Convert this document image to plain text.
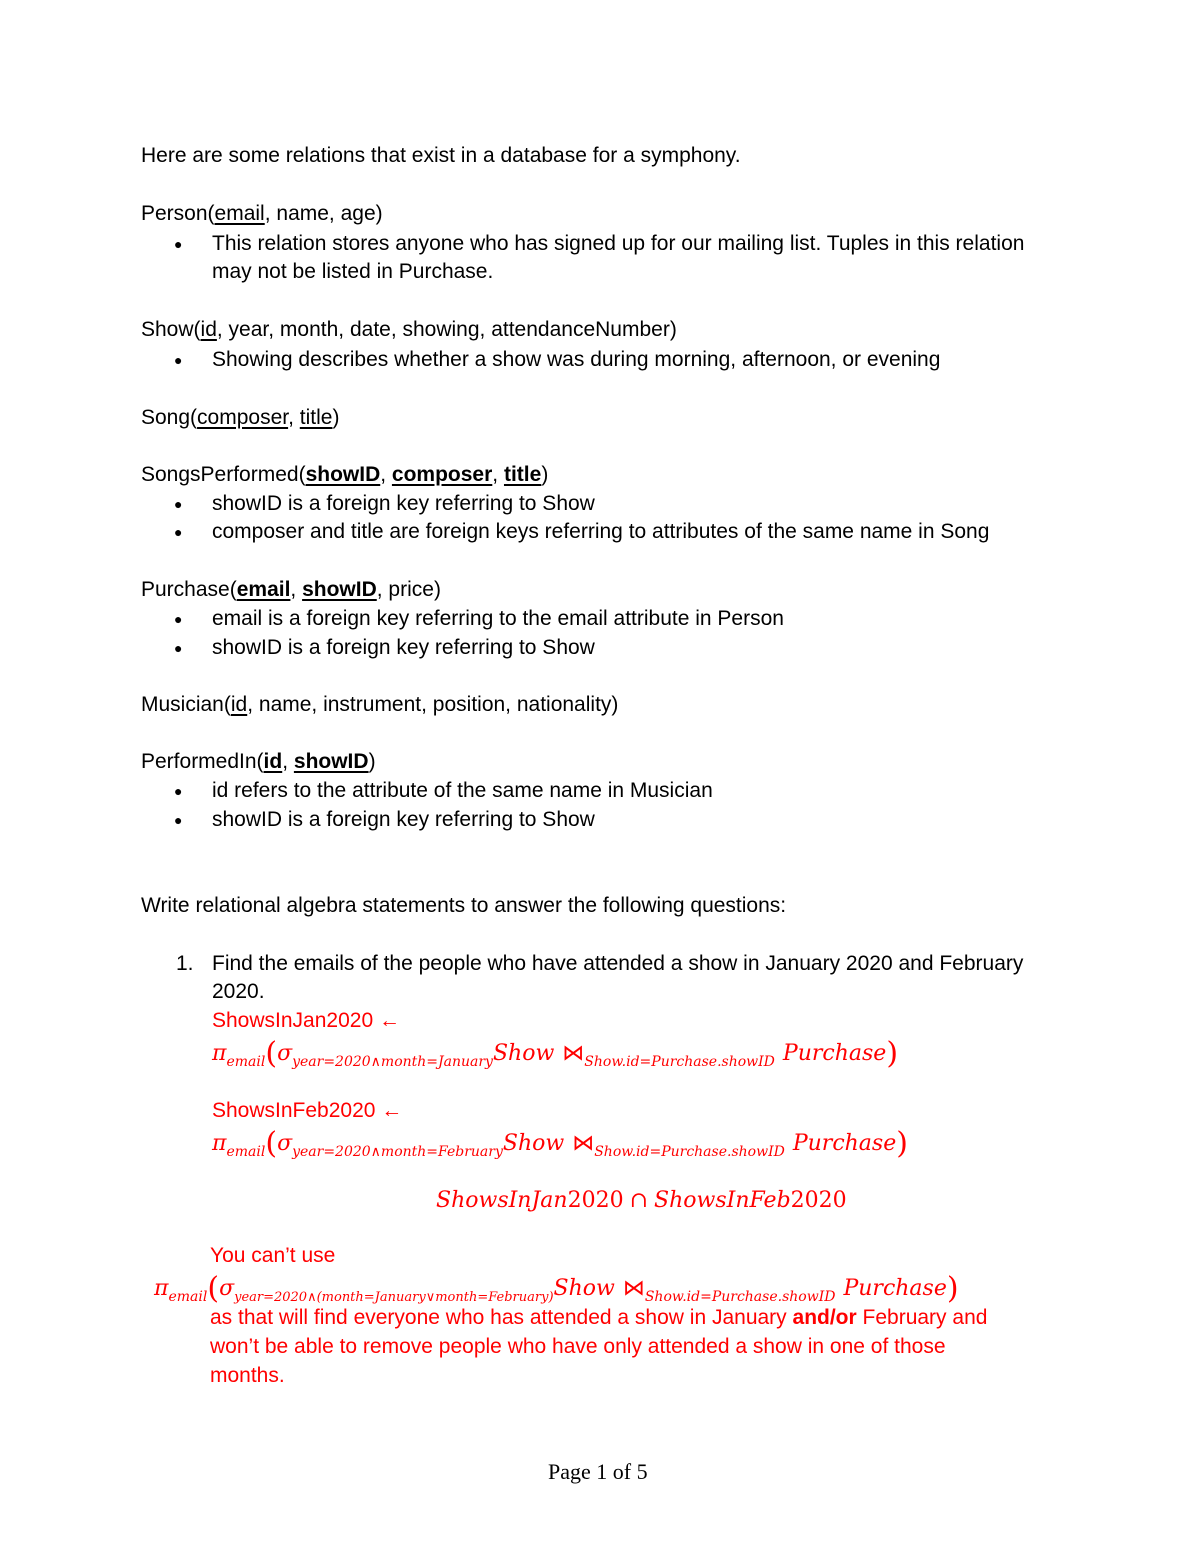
Here are some relations that exist in a database for a symphony.
Person(email, name, age)
● This relation stores anyone who has signed up for our mailing list. Tuples in this relation
may not be listed in Purchase.
Show(id, year, month, date, showing, attendanceNumber)
● Showing describes whether a show was during morning, afternoon, or evening
Song(composer, title)
SongsPerformed(showID, composer, title)
● showID is a foreign key referring to Show
● composer and title are foreign keys referring to attributes of the same name in Song
Purchase(email, showID, price)
● email is a foreign key referring to the email attribute in Person
● showID is a foreign key referring to Show
Musician(id, name, instrument, position, nationality)
PerformedIn(id, showID)
● id refers to the attribute of the same name in Musician
● showID is a foreign key referring to Show
Write relational algebra statements to answer the following questions:
1. Find the emails of the people who have attended a show in January 2020 and February
2020.
ShowsInJan2020 ←
$\pi_{email}(\sigma_{year=2020\wedge month=January}Show$ $⋈_{Show.id=Purchase.showID}$ Purchase)
ShowsInFeb2020 ←
$\pi_{email}(\sigma_{year=2020\wedge month=February}Show$ $⋈_{Show.id=Purchase.showID}$ Purchase)
ShowsInJan2020 ∩ ShowsInFeb2020
You can’t use
$\pi_{email}(\sigma_{year=2020\wedge(month=January\vee month=February)}Show$ $⋈_{Show.id=Purchase.showID}$ Purchase)
as that will find everyone who has attended a show in January and/or February and
won’t be able to remove people who have only attended a show in one of those
months.
Page 1 of 5
